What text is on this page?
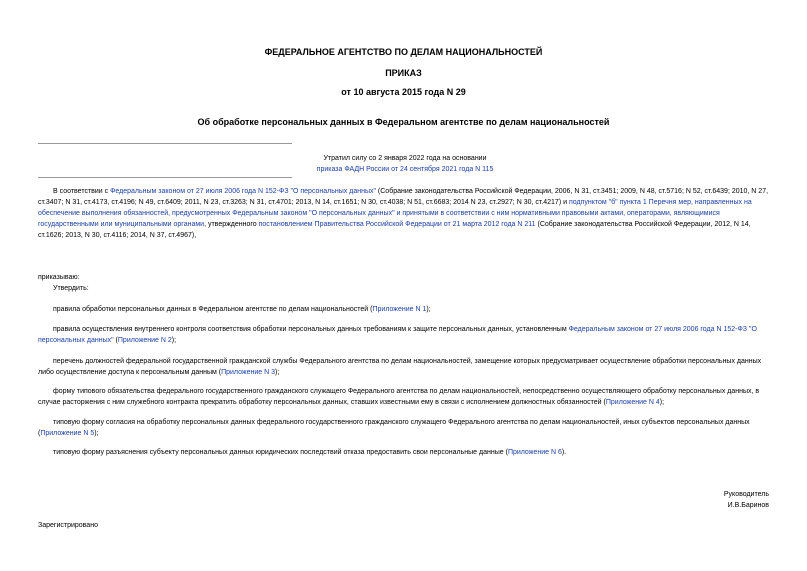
ФЕДЕРАЛЬНОЕ АГЕНТСТВО ПО ДЕЛАМ НАЦИОНАЛЬНОСТЕЙ
ПРИКАЗ
от 10 августа 2015 года N 29
Об обработке персональных данных в Федеральном агентстве по делам национальностей
Утратил силу со 2 января 2022 года на основании
приказа ФАДН России от 24 сентября 2021 года N 115
В соответствии с Федеральным законом от 27 июля 2006 года N 152-ФЗ "О персональных данных" (Собрание законодательства Российской Федерации, 2006, N 31, ст.3451; 2009, N 48, ст.5716; N 52, ст.6439; 2010, N 27, ст.3407; N 31, ст.4173, ст.4196; N 49, ст.6409; 2011, N 23, ст.3263; N 31, ст.4701; 2013, N 14, ст.1651; N 30, ст.4038; N 51, ст.6683; 2014 N 23, ст.2927; N 30, ст.4217) и подпунктом "б" пункта 1 Перечня мер, направленных на обеспечение выполнения обязанностей, предусмотренных Федеральным законом "О персональных данных" и принятыми в соответствии с ним нормативными правовыми актами, операторами, являющимися государственными или муниципальными органами, утвержденного постановлением Правительства Российской Федерации от 21 марта 2012 года N 211 (Собрание законодательства Российской Федерации, 2012, N 14, ст.1626; 2013, N 30, ст.4116; 2014, N 37, ст.4967),
приказываю:
Утвердить:
правила обработки персональных данных в Федеральном агентстве по делам национальностей (Приложение N 1);
правила осуществления внутреннего контроля соответствия обработки персональных данных требованиям к защите персональных данных, установленным Федеральным законом от 27 июля 2006 года N 152-ФЗ "О персональных данных" (Приложение N 2);
перечень должностей федеральной государственной гражданской службы Федерального агентства по делам национальностей, замещение которых предусматривает осуществление обработки персональных данных либо осуществление доступа к персональным данным (Приложение N 3);
форму типового обязательства федерального государственного гражданского служащего Федерального агентства по делам национальностей, непосредственно осуществляющего обработку персональных данных, в случае расторжения с ним служебного контракта прекратить обработку персональных данных, ставших известными ему в связи с исполнением должностных обязанностей (Приложение N 4);
типовую форму согласия на обработку персональных данных федерального государственного гражданского служащего Федерального агентства по делам национальностей, иных субъектов персональных данных (Приложение N 5);
типовую форму разъяснения субъекту персональных данных юридических последствий отказа предоставить свои персональные данные (Приложение N 6).
Руководитель
И.В.Баринов
Зарегистрировано
